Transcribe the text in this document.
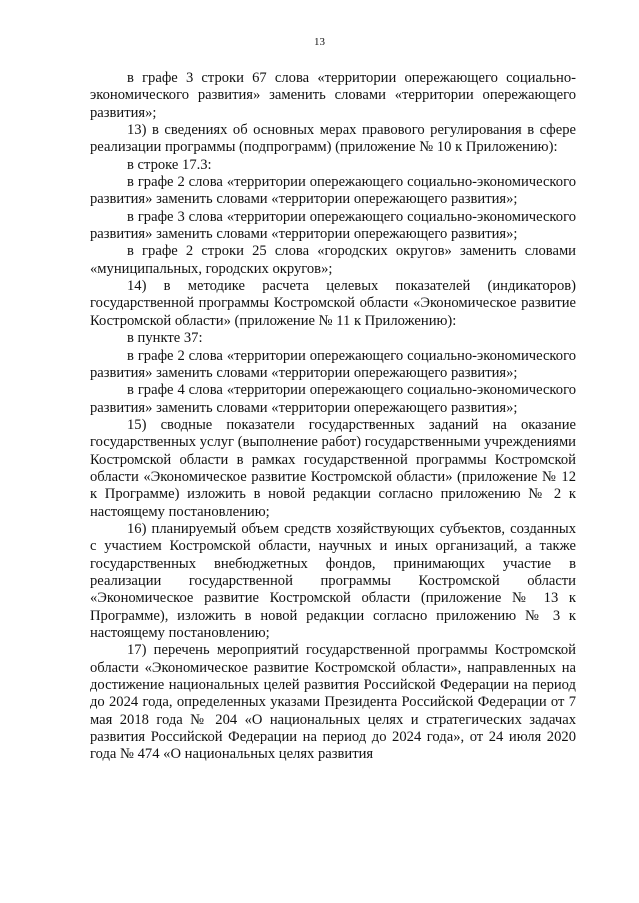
13

в графе 3 строки 67 слова «территории опережающего социально-экономического развития» заменить словами «территории опережающего развития»;

13) в сведениях об основных мерах правового регулирования в сфере реализации программы (подпрограмм) (приложение № 10 к Приложению):

в строке 17.3:

в графе 2 слова «территории опережающего социально-экономического развития» заменить словами «территории опережающего развития»;

в графе 3 слова «территории опережающего социально-экономического развития» заменить словами «территории опережающего развития»;

в графе 2 строки 25 слова «городских округов» заменить словами «муниципальных, городских округов»;

14) в методике расчета целевых показателей (индикаторов) государственной программы Костромской области «Экономическое развитие Костромской области» (приложение № 11 к Приложению):

в пункте 37:

в графе 2 слова «территории опережающего социально-экономического развития» заменить словами «территории опережающего развития»;

в графе 4 слова «территории опережающего социально-экономического развития» заменить словами «территории опережающего развития»;

15) сводные показатели государственных заданий на оказание государственных услуг (выполнение работ) государственными учреждениями Костромской области в рамках государственной программы Костромской области «Экономическое развитие Костромской области» (приложение № 12 к Программе) изложить в новой редакции согласно приложению № 2 к настоящему постановлению;

16) планируемый объем средств хозяйствующих субъектов, созданных с участием Костромской области, научных и иных организаций, а также государственных внебюджетных фондов, принимающих участие в реализации государственной программы Костромской области «Экономическое развитие Костромской области (приложение № 13 к Программе), изложить в новой редакции согласно приложению № 3 к настоящему постановлению;

17) перечень мероприятий государственной программы Костромской области «Экономическое развитие Костромской области», направленных на достижение национальных целей развития Российской Федерации на период до 2024 года, определенных указами Президента Российской Федерации от 7 мая 2018 года № 204 «О национальных целях и стратегических задачах развития Российской Федерации на период до 2024 года», от 24 июля 2020 года № 474 «О национальных целях развития
